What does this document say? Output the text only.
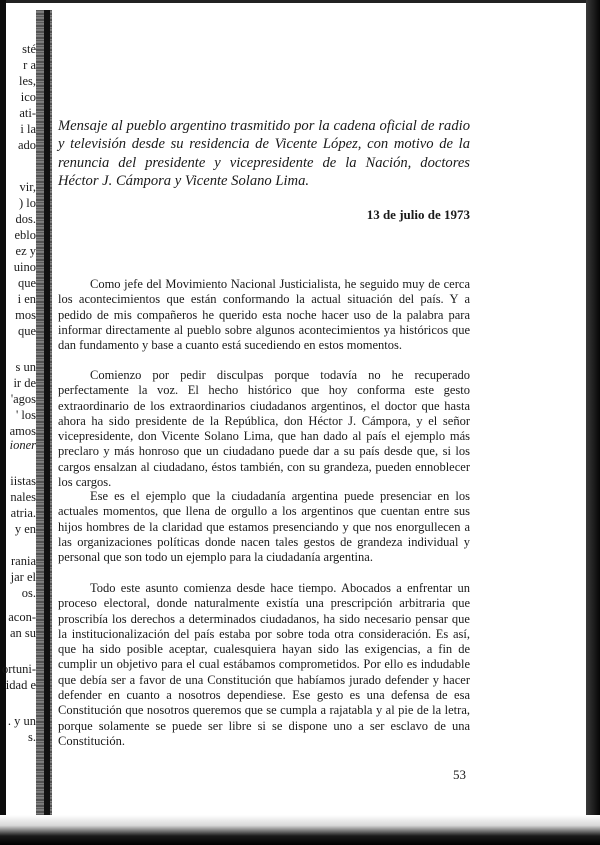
sté
r a
les,
ico
ati-
i la
ado
vir,
) lo
dos.
eblo
ez y
uino
que
i en
mos
que
s un
ir de
'agos
' los
amos
ioner
iistas
nales
atria.
y en
rania
jar el
os.
acon-
an su
ortuni-
idad e
. y un
s.
Mensaje al pueblo argentino trasmitido por la cadena oficial de radio y televisión desde su residencia de Vicente López, con motivo de la renuncia del presidente y vicepresidente de la Nación, doctores Héctor J. Cámpora y Vicente Solano Lima.
13 de julio de 1973

Como jefe del Movimiento Nacional Justicialista, he seguido muy de cerca los acontecimientos que están conformando la actual situación del país. Y a pedido de mis compañeros he querido esta noche hacer uso de la palabra para informar directamente al pueblo sobre algunos acontecimientos ya históricos que dan fundamento y base a cuanto está sucediendo en estos momentos.

Comienzo por pedir disculpas porque todavía no he recuperado perfectamente la voz. El hecho histórico que hoy conforma este gesto extraordinario de los extraordinarios ciudadanos argentinos, el doctor que hasta ahora ha sido presidente de la República, don Héctor J. Cámpora, y el señor vicepresidente, don Vicente Solano Lima, que han dado al país el ejemplo más preclaro y más honroso que un ciudadano puede dar a su país desde que, si los cargos ensalzan al ciudadano, éstos también, con su grandeza, pueden ennoblecer los cargos.

Ese es el ejemplo que la ciudadanía argentina puede presenciar en los actuales momentos, que llena de orgullo a los argentinos que cuentan entre sus hijos hombres de la claridad que estamos presenciando y que nos enorgullecen a las organizaciones políticas donde nacen tales gestos de grandeza individual y personal que son todo un ejemplo para la ciudadanía argentina.

Todo este asunto comienza desde hace tiempo. Abocados a enfrentar un proceso electoral, donde naturalmente existía una prescripción arbitraria que proscribía los derechos a determinados ciudadanos, ha sido necesario pensar que la institucionalización del país estaba por sobre toda otra consideración. Es así, que ha sido posible aceptar, cualesquiera hayan sido las exigencias, a fin de cumplir un objetivo para el cual estábamos comprometidos. Por ello es indudable que debía ser a favor de una Constitución que habíamos jurado defender y hacer defender en cuanto a nosotros dependiese. Ese gesto es una defensa de esa Constitución que nosotros queremos que se cumpla a rajatabla y al pie de la letra, porque solamente se puede ser libre si se dispone uno a ser esclavo de una Constitución.

53
